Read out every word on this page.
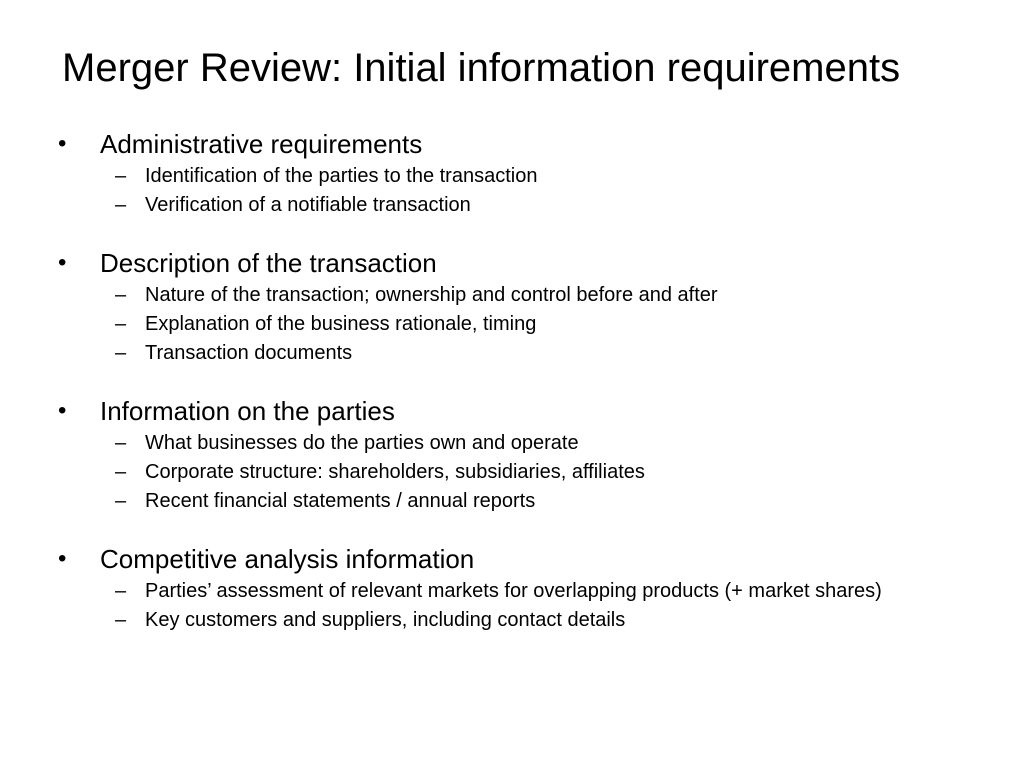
Merger Review: Initial information requirements
• Administrative requirements
– Identification of the parties to the transaction
– Verification of a notifiable transaction
• Description of the transaction
– Nature of the transaction; ownership and control before and after
– Explanation of the business rationale, timing
– Transaction documents
• Information on the parties
– What businesses do the parties own and operate
– Corporate structure: shareholders, subsidiaries, affiliates
– Recent financial statements / annual reports
• Competitive analysis information
– Parties’ assessment of relevant markets for overlapping products (+ market shares)
– Key customers and suppliers, including contact details
